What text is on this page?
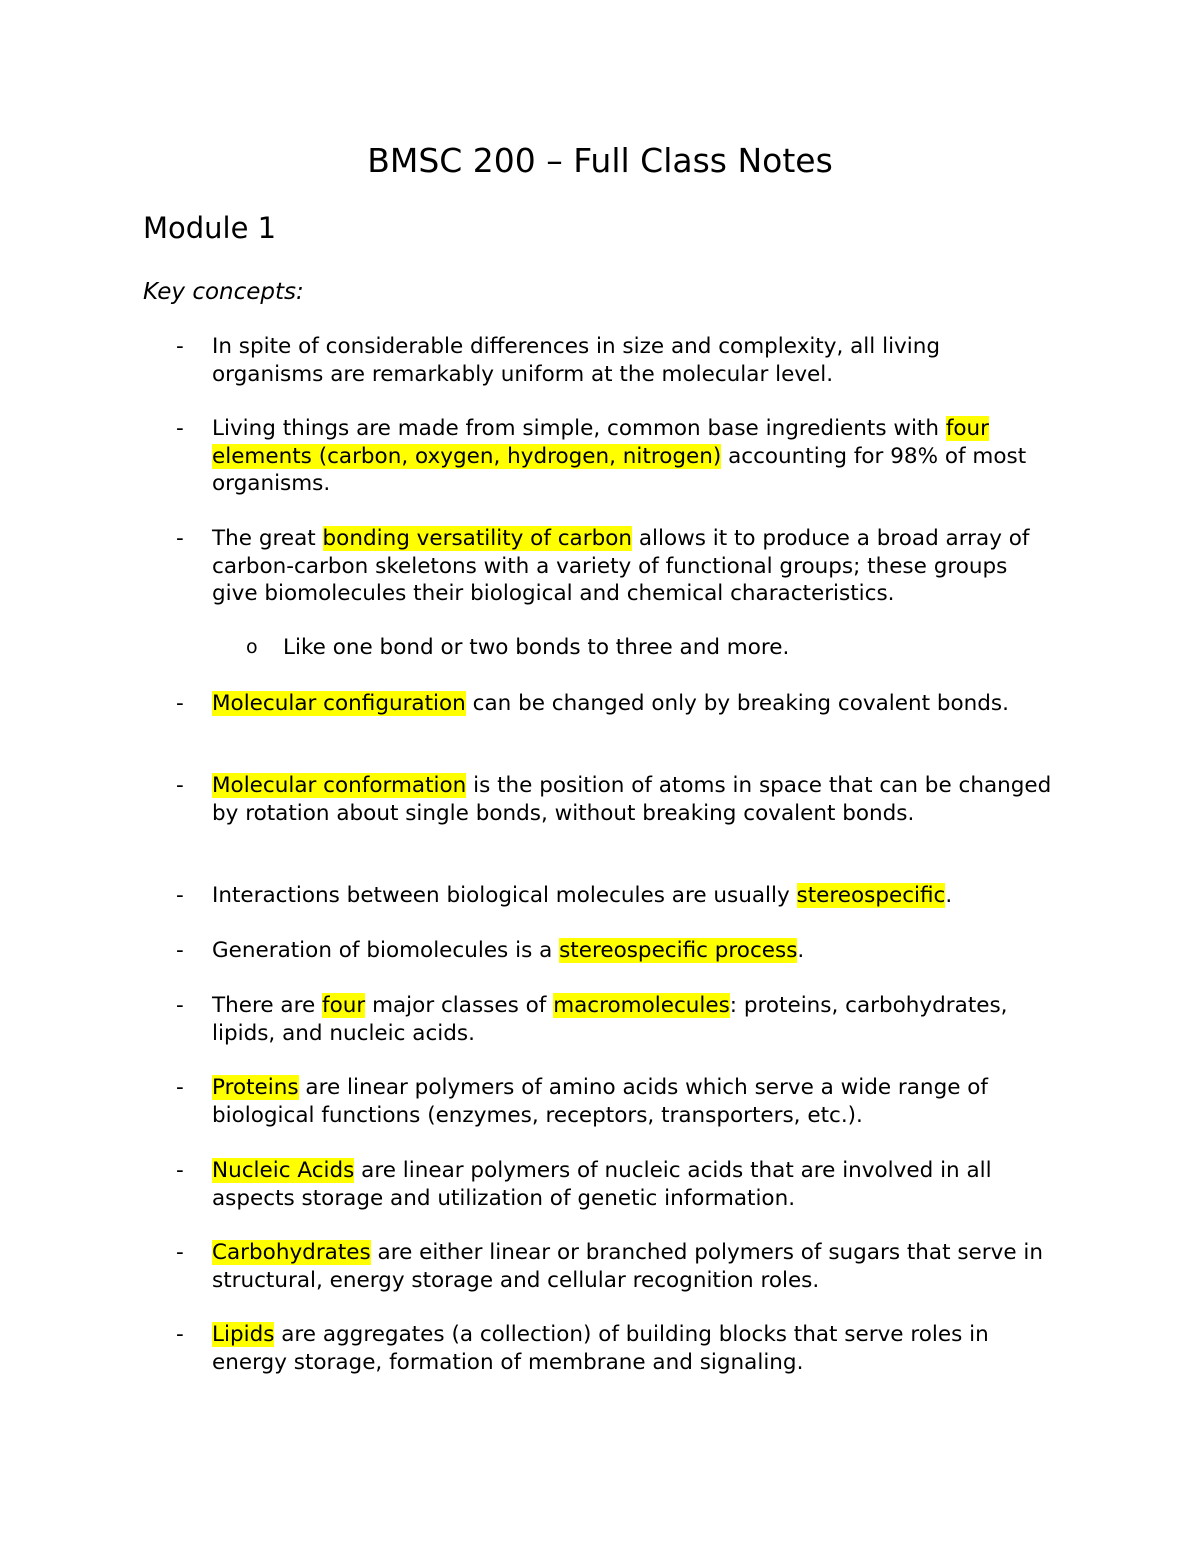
BMSC 200 – Full Class Notes
Module 1
Key concepts:
-	In spite of considerable differences in size and complexity, all living organisms are remarkably uniform at the molecular level.
-	Living things are made from simple, common base ingredients with four elements (carbon, oxygen, hydrogen, nitrogen) accounting for 98% of most organisms.
-	The great bonding versatility of carbon allows it to produce a broad array of carbon-carbon skeletons with a variety of functional groups; these groups give biomolecules their biological and chemical characteristics.
o Like one bond or two bonds to three and more.
-	Molecular configuration can be changed only by breaking covalent bonds.
-	Molecular conformation is the position of atoms in space that can be changed by rotation about single bonds, without breaking covalent bonds.
-	Interactions between biological molecules are usually stereospecific.
-	Generation of biomolecules is a stereospecific process.
-	There are four major classes of macromolecules: proteins, carbohydrates, lipids, and nucleic acids.
-	Proteins are linear polymers of amino acids which serve a wide range of biological functions (enzymes, receptors, transporters, etc.).
-	Nucleic Acids are linear polymers of nucleic acids that are involved in all aspects storage and utilization of genetic information.
-	Carbohydrates are either linear or branched polymers of sugars that serve in structural, energy storage and cellular recognition roles.
-	Lipids are aggregates (a collection) of building blocks that serve roles in energy storage, formation of membrane and signaling.
